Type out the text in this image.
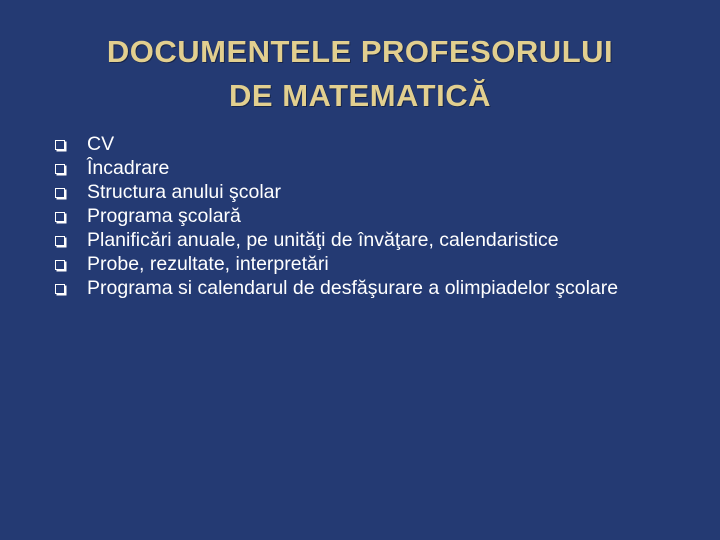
DOCUMENTELE PROFESORULUI
DE MATEMATICĂ
CV
Încadrare
Structura anului şcolar
Programa şcolară
Planificări anuale, pe unităţi de învăţare, calendaristice
Probe, rezultate, interpretări
Programa si calendarul de desfăşurare a olimpiadelor şcolare
